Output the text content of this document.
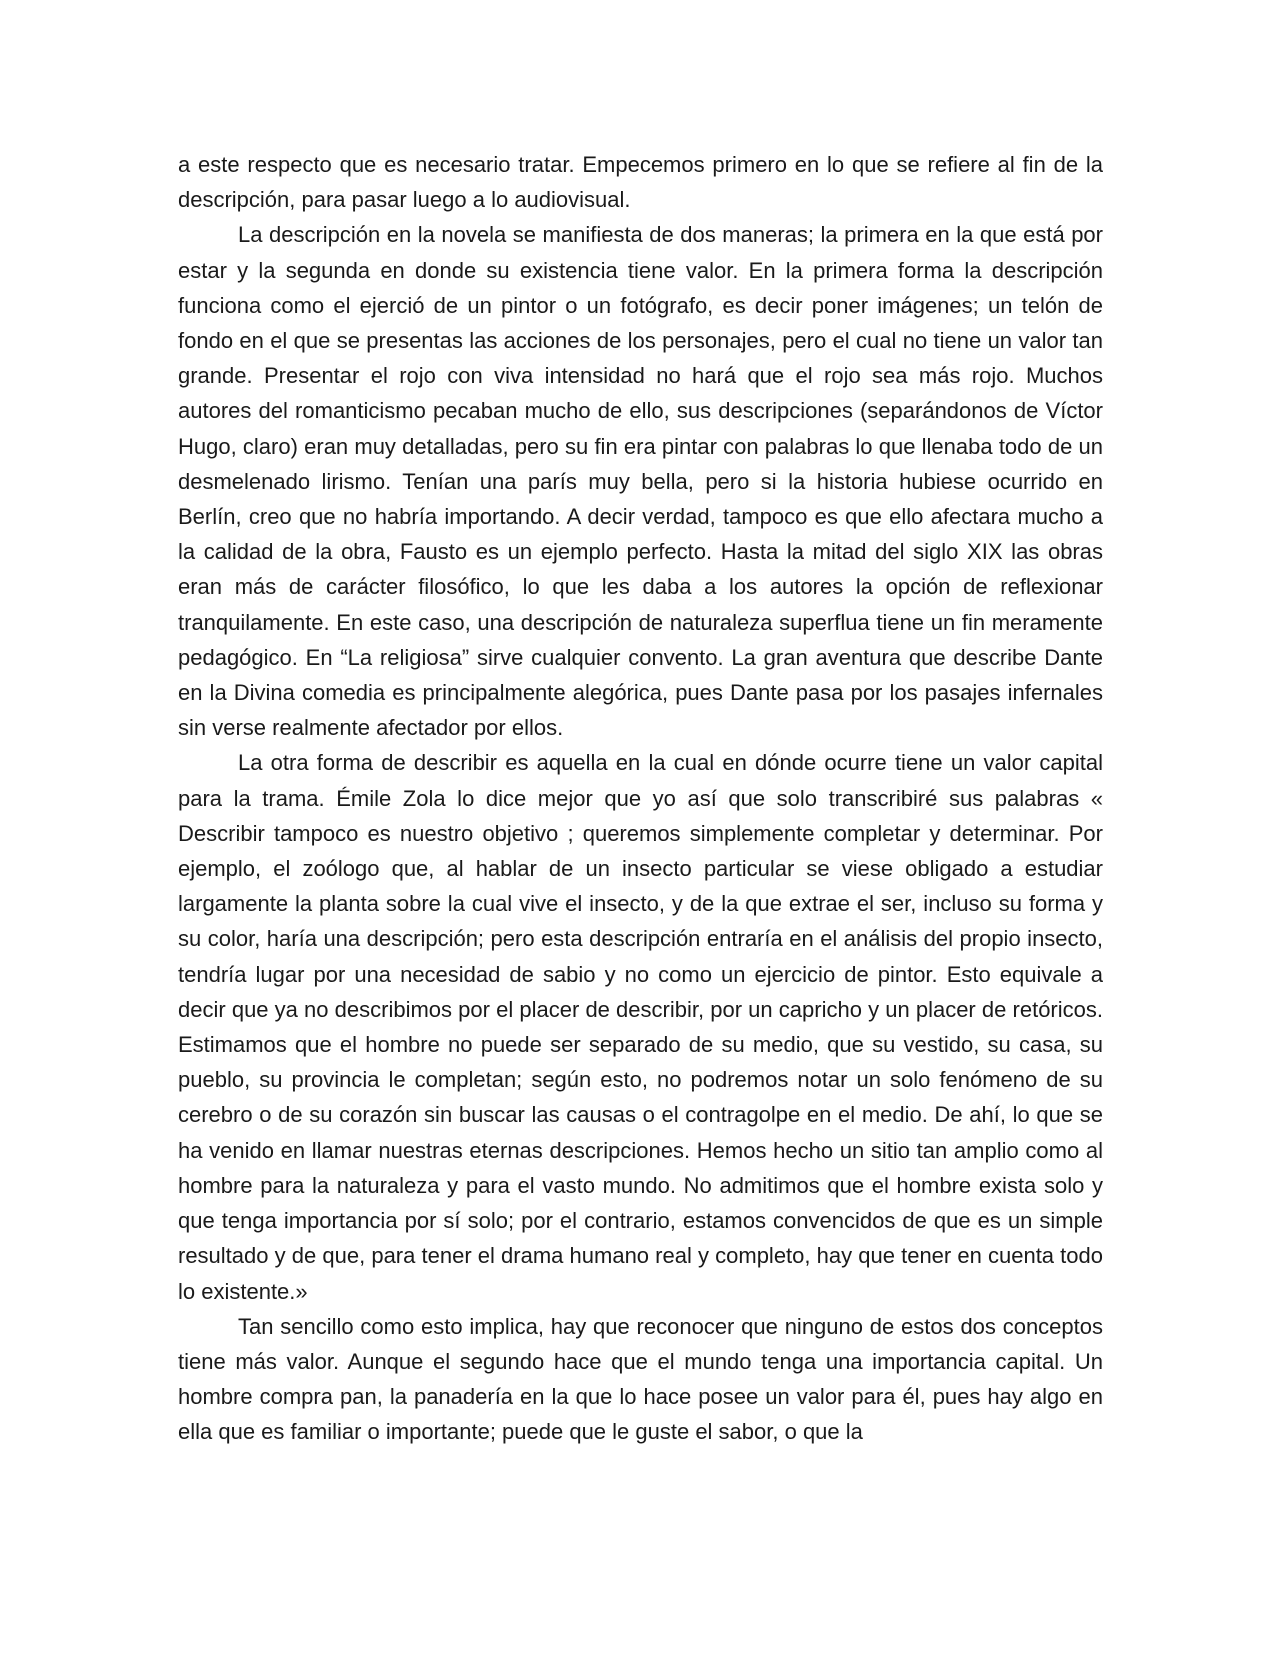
a este respecto que es necesario tratar. Empecemos primero en lo que se refiere al fin de la descripción, para pasar luego a lo audiovisual.

La descripción en la novela se manifiesta de dos maneras; la primera en la que está por estar y la segunda en donde su existencia tiene valor. En la primera forma la descripción funciona como el ejerció de un pintor o un fotógrafo, es decir poner imágenes; un telón de fondo en el que se presentas las acciones de los personajes, pero el cual no tiene un valor tan grande. Presentar el rojo con viva intensidad no hará que el rojo sea más rojo. Muchos autores del romanticismo pecaban mucho de ello, sus descripciones (separándonos de Víctor Hugo, claro) eran muy detalladas, pero su fin era pintar con palabras lo que llenaba todo de un desmelenado lirismo. Tenían una parís muy bella, pero si la historia hubiese ocurrido en Berlín, creo que no habría importando. A decir verdad, tampoco es que ello afectara mucho a la calidad de la obra, Fausto es un ejemplo perfecto. Hasta la mitad del siglo XIX las obras eran más de carácter filosófico, lo que les daba a los autores la opción de reflexionar tranquilamente. En este caso, una descripción de naturaleza superflua tiene un fin meramente pedagógico. En “La religiosa” sirve cualquier convento. La gran aventura que describe Dante en la Divina comedia es principalmente alegórica, pues Dante pasa por los pasajes infernales sin verse realmente afectador por ellos.

La otra forma de describir es aquella en la cual en dónde ocurre tiene un valor capital para la trama. Émile Zola lo dice mejor que yo así que solo transcribiré sus palabras « Describir tampoco es nuestro objetivo ; queremos simplemente completar y determinar. Por ejemplo, el zoólogo que, al hablar de un insecto particular se viese obligado a estudiar largamente la planta sobre la cual vive el insecto, y de la que extrae el ser, incluso su forma y su color, haría una descripción; pero esta descripción entraría en el análisis del propio insecto, tendría lugar por una necesidad de sabio y no como un ejercicio de pintor. Esto equivale a decir que ya no describimos por el placer de describir, por un capricho y un placer de retóricos. Estimamos que el hombre no puede ser separado de su medio, que su vestido, su casa, su pueblo, su provincia le completan; según esto, no podremos notar un solo fenómeno de su cerebro o de su corazón sin buscar las causas o el contragolpe en el medio. De ahí, lo que se ha venido en llamar nuestras eternas descripciones. Hemos hecho un sitio tan amplio como al hombre para la naturaleza y para el vasto mundo. No admitimos que el hombre exista solo y que tenga importancia por sí solo; por el contrario, estamos convencidos de que es un simple resultado y de que, para tener el drama humano real y completo, hay que tener en cuenta todo lo existente.»

Tan sencillo como esto implica, hay que reconocer que ninguno de estos dos conceptos tiene más valor. Aunque el segundo hace que el mundo tenga una importancia capital. Un hombre compra pan, la panadería en la que lo hace posee un valor para él, pues hay algo en ella que es familiar o importante; puede que le guste el sabor, o que la
